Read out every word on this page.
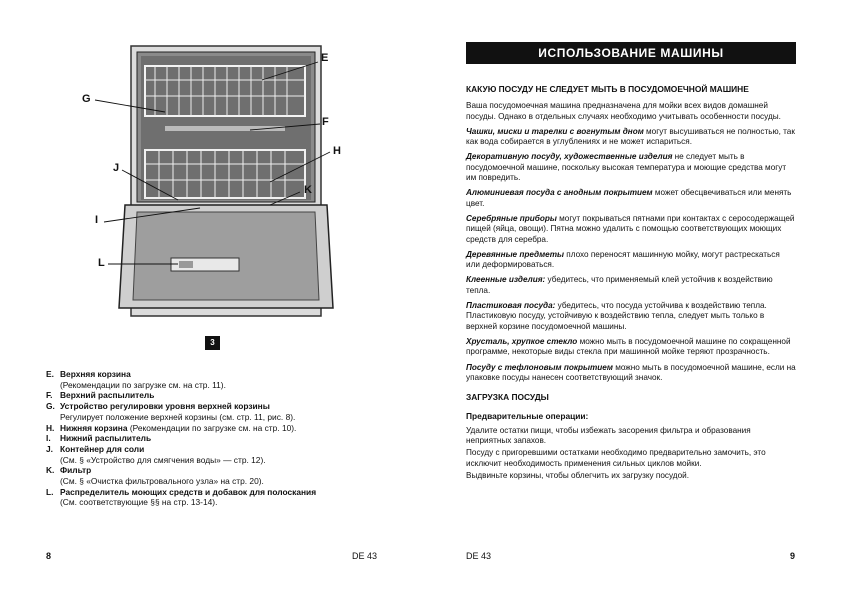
E
F
G
H
J
K
I
L
3
E. Верхняя корзина
(Рекомендации по загрузке см. на стр. 11).
F. Верхний распылитель
G. Устройство регулировки уровня верхней корзины
Регулирует положение верхней корзины (см. стр. 11, рис. 8).
H. Нижняя корзина (Рекомендации по загрузке см. на стр. 10).
I.	Нижний распылитель
J. Контейнер для соли
(См. § «Устройство для смягчения воды» — стр. 12).
K. Фильтр
(См. § «Очистка фильтровального узла» на стр. 20).
L. Распределитель моющих средств и добавок для полоскания
(См. соответствующие §§ на стр. 13-14).
8	DE 43
ИСПОЛЬЗОВАНИЕ МАШИНЫ
КАКУЮ ПОСУДУ НЕ СЛЕДУЕТ МЫТЬ В ПОСУДОМОЕЧНОЙ МАШИНЕ

Ваша посудомоечная машина предназначена для мойки всех видов домашней посуды. Однако в отдельных случаях необходимо учитывать особенности посуды.

Чашки, миски и тарелки с вогнутым дном могут высушиваться не полностью, так как вода собирается в углублениях и не может испариться.

Декоративную посуду, художественные изделия не следует мыть в посудомоечной машине, поскольку высокая температура и моющие средства могут им повредить.

Алюминиевая посуда с анодным покрытием может обесцвечиваться или менять цвет.

Серебряные приборы могут покрываться пятнами при контактах с серосодержащей пищей (яйца, овощи). Пятна можно удалить с помощью соответствующих моющих средств для серебра.

Деревянные предметы плохо переносят машинную мойку, могут растрескаться или деформироваться.

Клеенные изделия: убедитесь, что применяемый клей устойчив к воздействию тепла.

Пластиковая посуда: убедитесь, что посуда устойчива к воздействию тепла. Пластиковую посуду, устойчивую к воздействию тепла, следует мыть только в верхней корзине посудомоечной машины.

Хрусталь, хрупкое стекло можно мыть в посудомоечной машине по сокращенной программе, некоторые виды стекла при машинной мойке теряют прозрачность.

Посуду с тефлоновым покрытием можно мыть в посудомоечной машине, если на упаковке посуды нанесен соответствующий значок.

ЗАГРУЗКА ПОСУДЫ
Предварительные операции:

Удалите остатки пищи, чтобы избежать засорения фильтра и образования неприятных запахов.

Посуду с пригоревшими остатками необходимо предварительно замочить, это исключит необходимость применения сильных циклов мойки.

Выдвиньте корзины, чтобы облегчить их загрузку посудой.

DE 43	9
